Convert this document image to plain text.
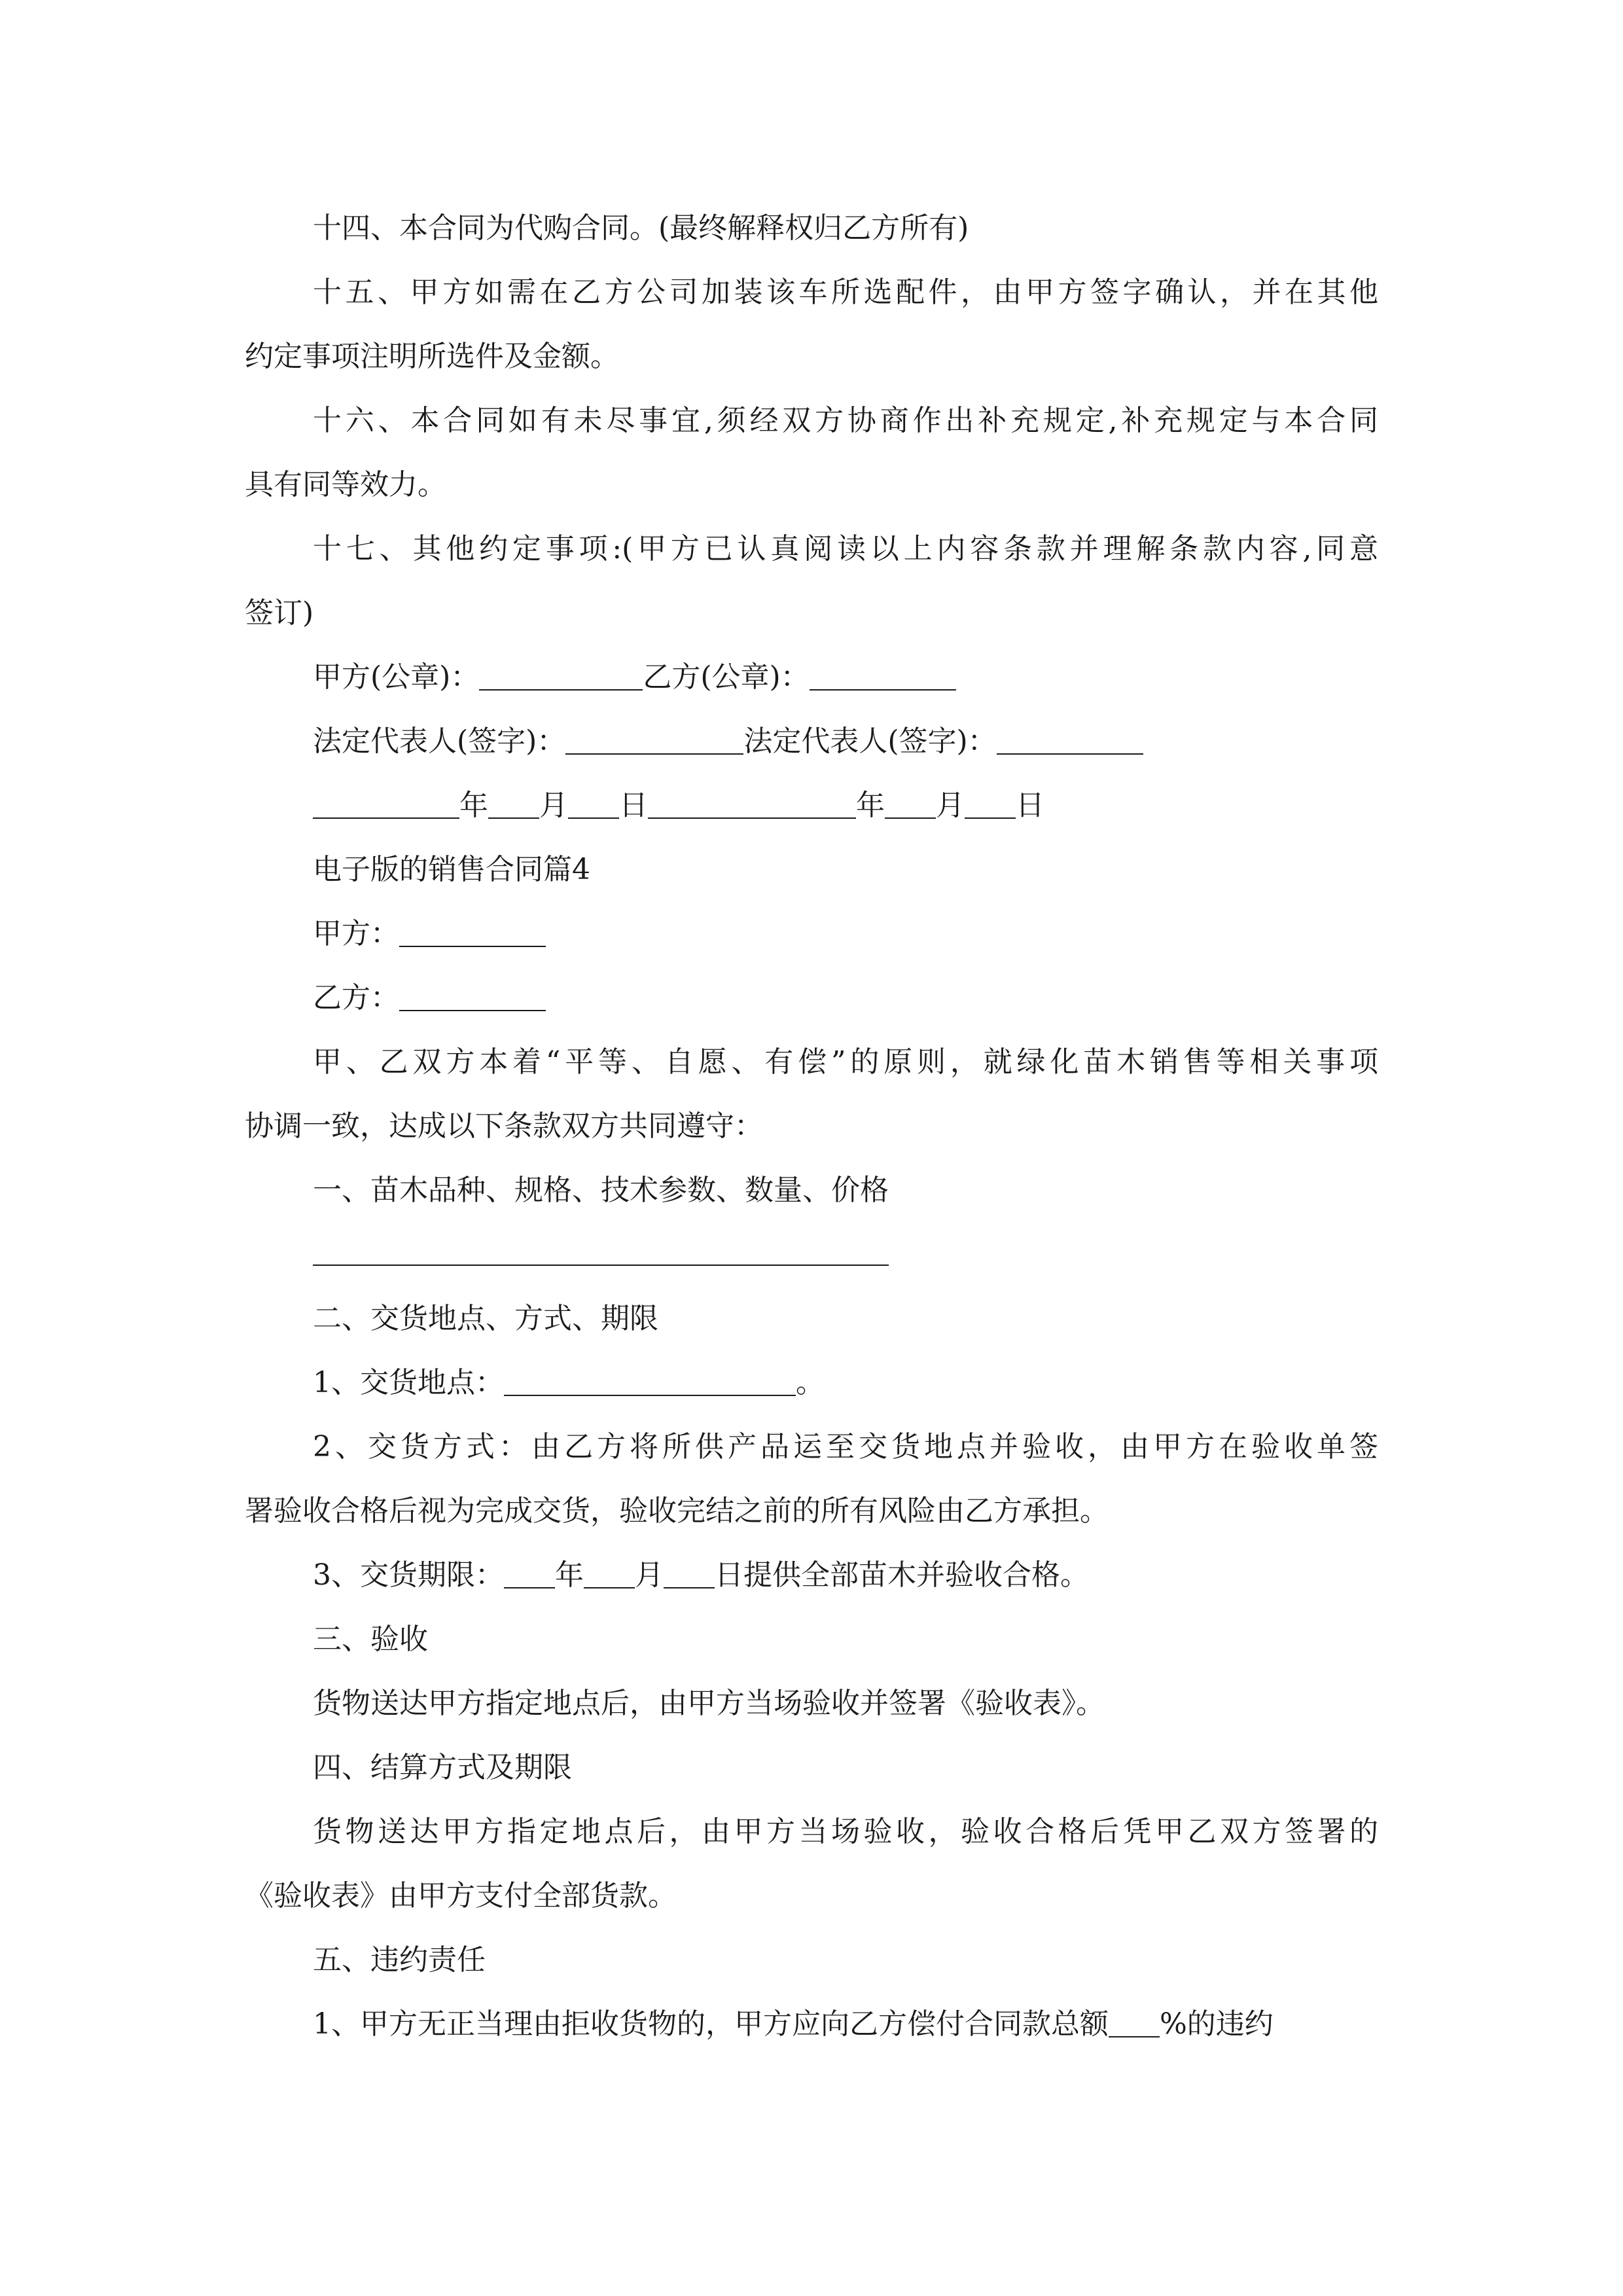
十四、本合同为代购合同。(最终解释权归乙方所有)
十五、甲方如需在乙方公司加装该车所选配件，由甲方签字确认，并在其他
约定事项注明所选件及金额。
十六、本合同如有未尽事宜,须经双方协商作出补充规定,补充规定与本合同
具有同等效力。
十七、其他约定事项:(甲方已认真阅读以上内容条款并理解条款内容,同意
签订)
甲方(公章)：	乙方(公章)：
法定代表人(签字)：	法定代表人(签字)：
年 月 日	年 月 日
电子版的销售合同篇4
甲方：
乙方：
甲、乙双方本着“平等、自愿、有偿”的原则，就绿化苗木销售等相关事项
协调一致，达成以下条款双方共同遵守：
一、苗木品种、规格、技术参数、数量、价格
二、交货地点、方式、期限
1、交货地点：	。
2、交货方式：由乙方将所供产品运至交货地点并验收，由甲方在验收单签
署验收合格后视为完成交货，验收完结之前的所有风险由乙方承担。
3、交货期限： 年 月 日提供全部苗木并验收合格。
三、验收
货物送达甲方指定地点后，由甲方当场验收并签署《验收表》。
四、结算方式及期限
货物送达甲方指定地点后，由甲方当场验收，验收合格后凭甲乙双方签署的
《验收表》由甲方支付全部货款。
五、违约责任
1、甲方无正当理由拒收货物的，甲方应向乙方偿付合同款总额 %的违约
